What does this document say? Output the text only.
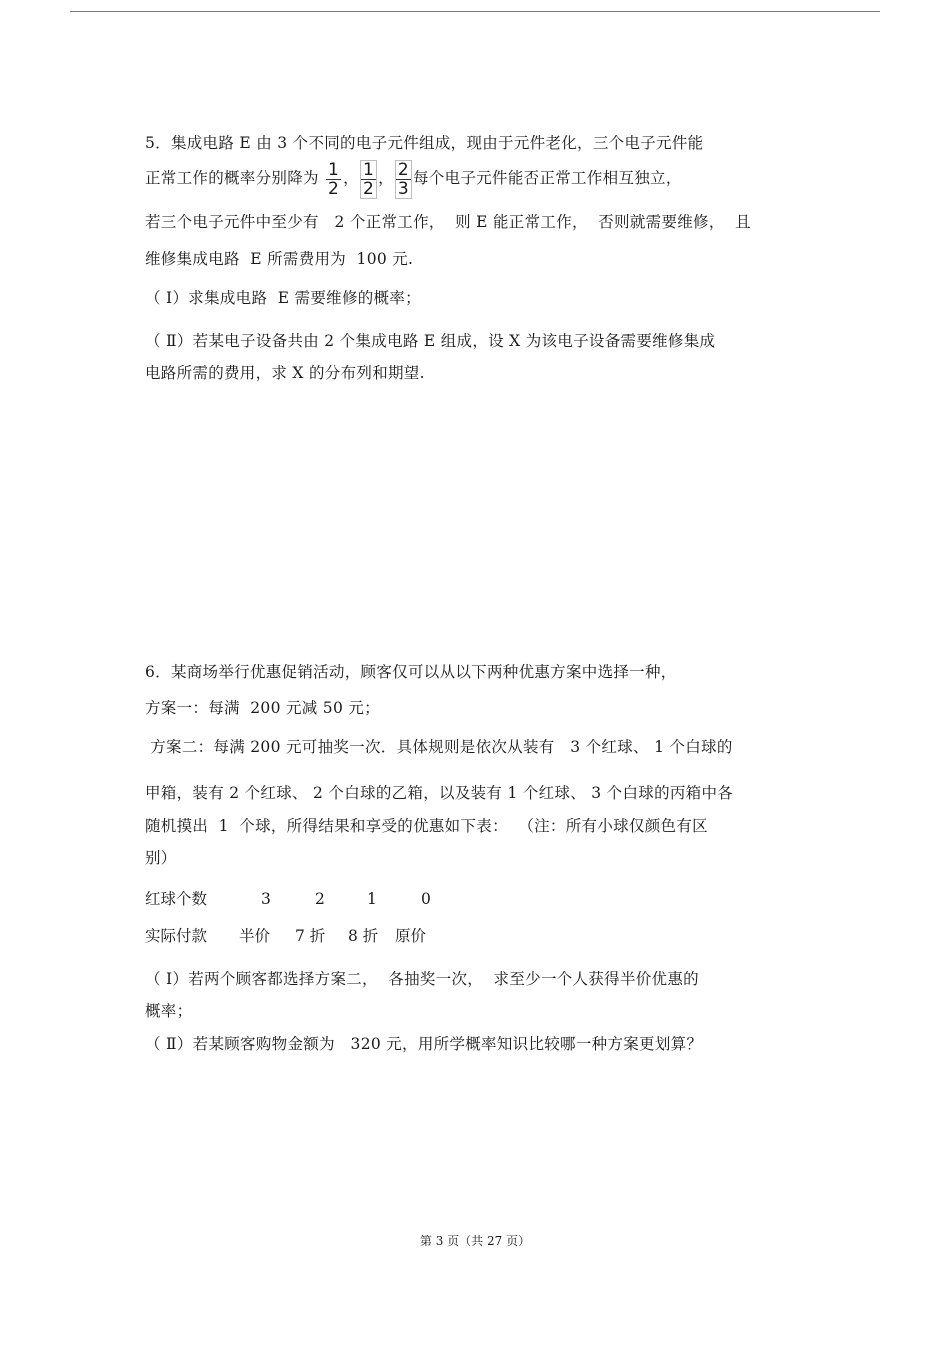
5．集成电路 E 由 3 个不同的电子元件组成，现由于元件老化，三个电子元件能
正常工作的概率分别降为 $\frac{1}{2}$ ， $\frac{1}{2}$ ， $\frac{2}{3}$ 每个电子元件能否正常工作相互独立，
若三个电子元件中至少有   2 个正常工作，  则 E 能正常工作，  否则就需要维修，  且
维修集成电路  E 所需费用为  100 元.
（ Ⅰ）求集成电路  E 需要维修的概率；
（ Ⅱ）若某电子设备共由 2 个集成电路 E 组成，设 X 为该电子设备需要维修集成
电路所需的费用，求 X 的分布列和期望.
6．某商场举行优惠促销活动，顾客仅可以从以下两种优惠方案中选择一种，
方案一：每满  200 元减 50 元；
方案二：每满 200 元可抽奖一次．具体规则是依次从装有   3 个红球、 1 个白球的
甲箱，装有 2 个红球、 2 个白球的乙箱，以及装有 1 个红球、 3 个白球的丙箱中各
随机摸出  1  个球，所得结果和享受的优惠如下表：  （注：所有小球仅颜色有区
别）
红球个数	3	2	1	0
实际付款 半价 7 折 8 折 原价
（ Ⅰ）若两个顾客都选择方案二，  各抽奖一次，  求至少一个人获得半价优惠的
概率；
（ Ⅱ）若某顾客购物金额为   320 元，用所学概率知识比较哪一种方案更划算？
第 3 页（共 27 页）
